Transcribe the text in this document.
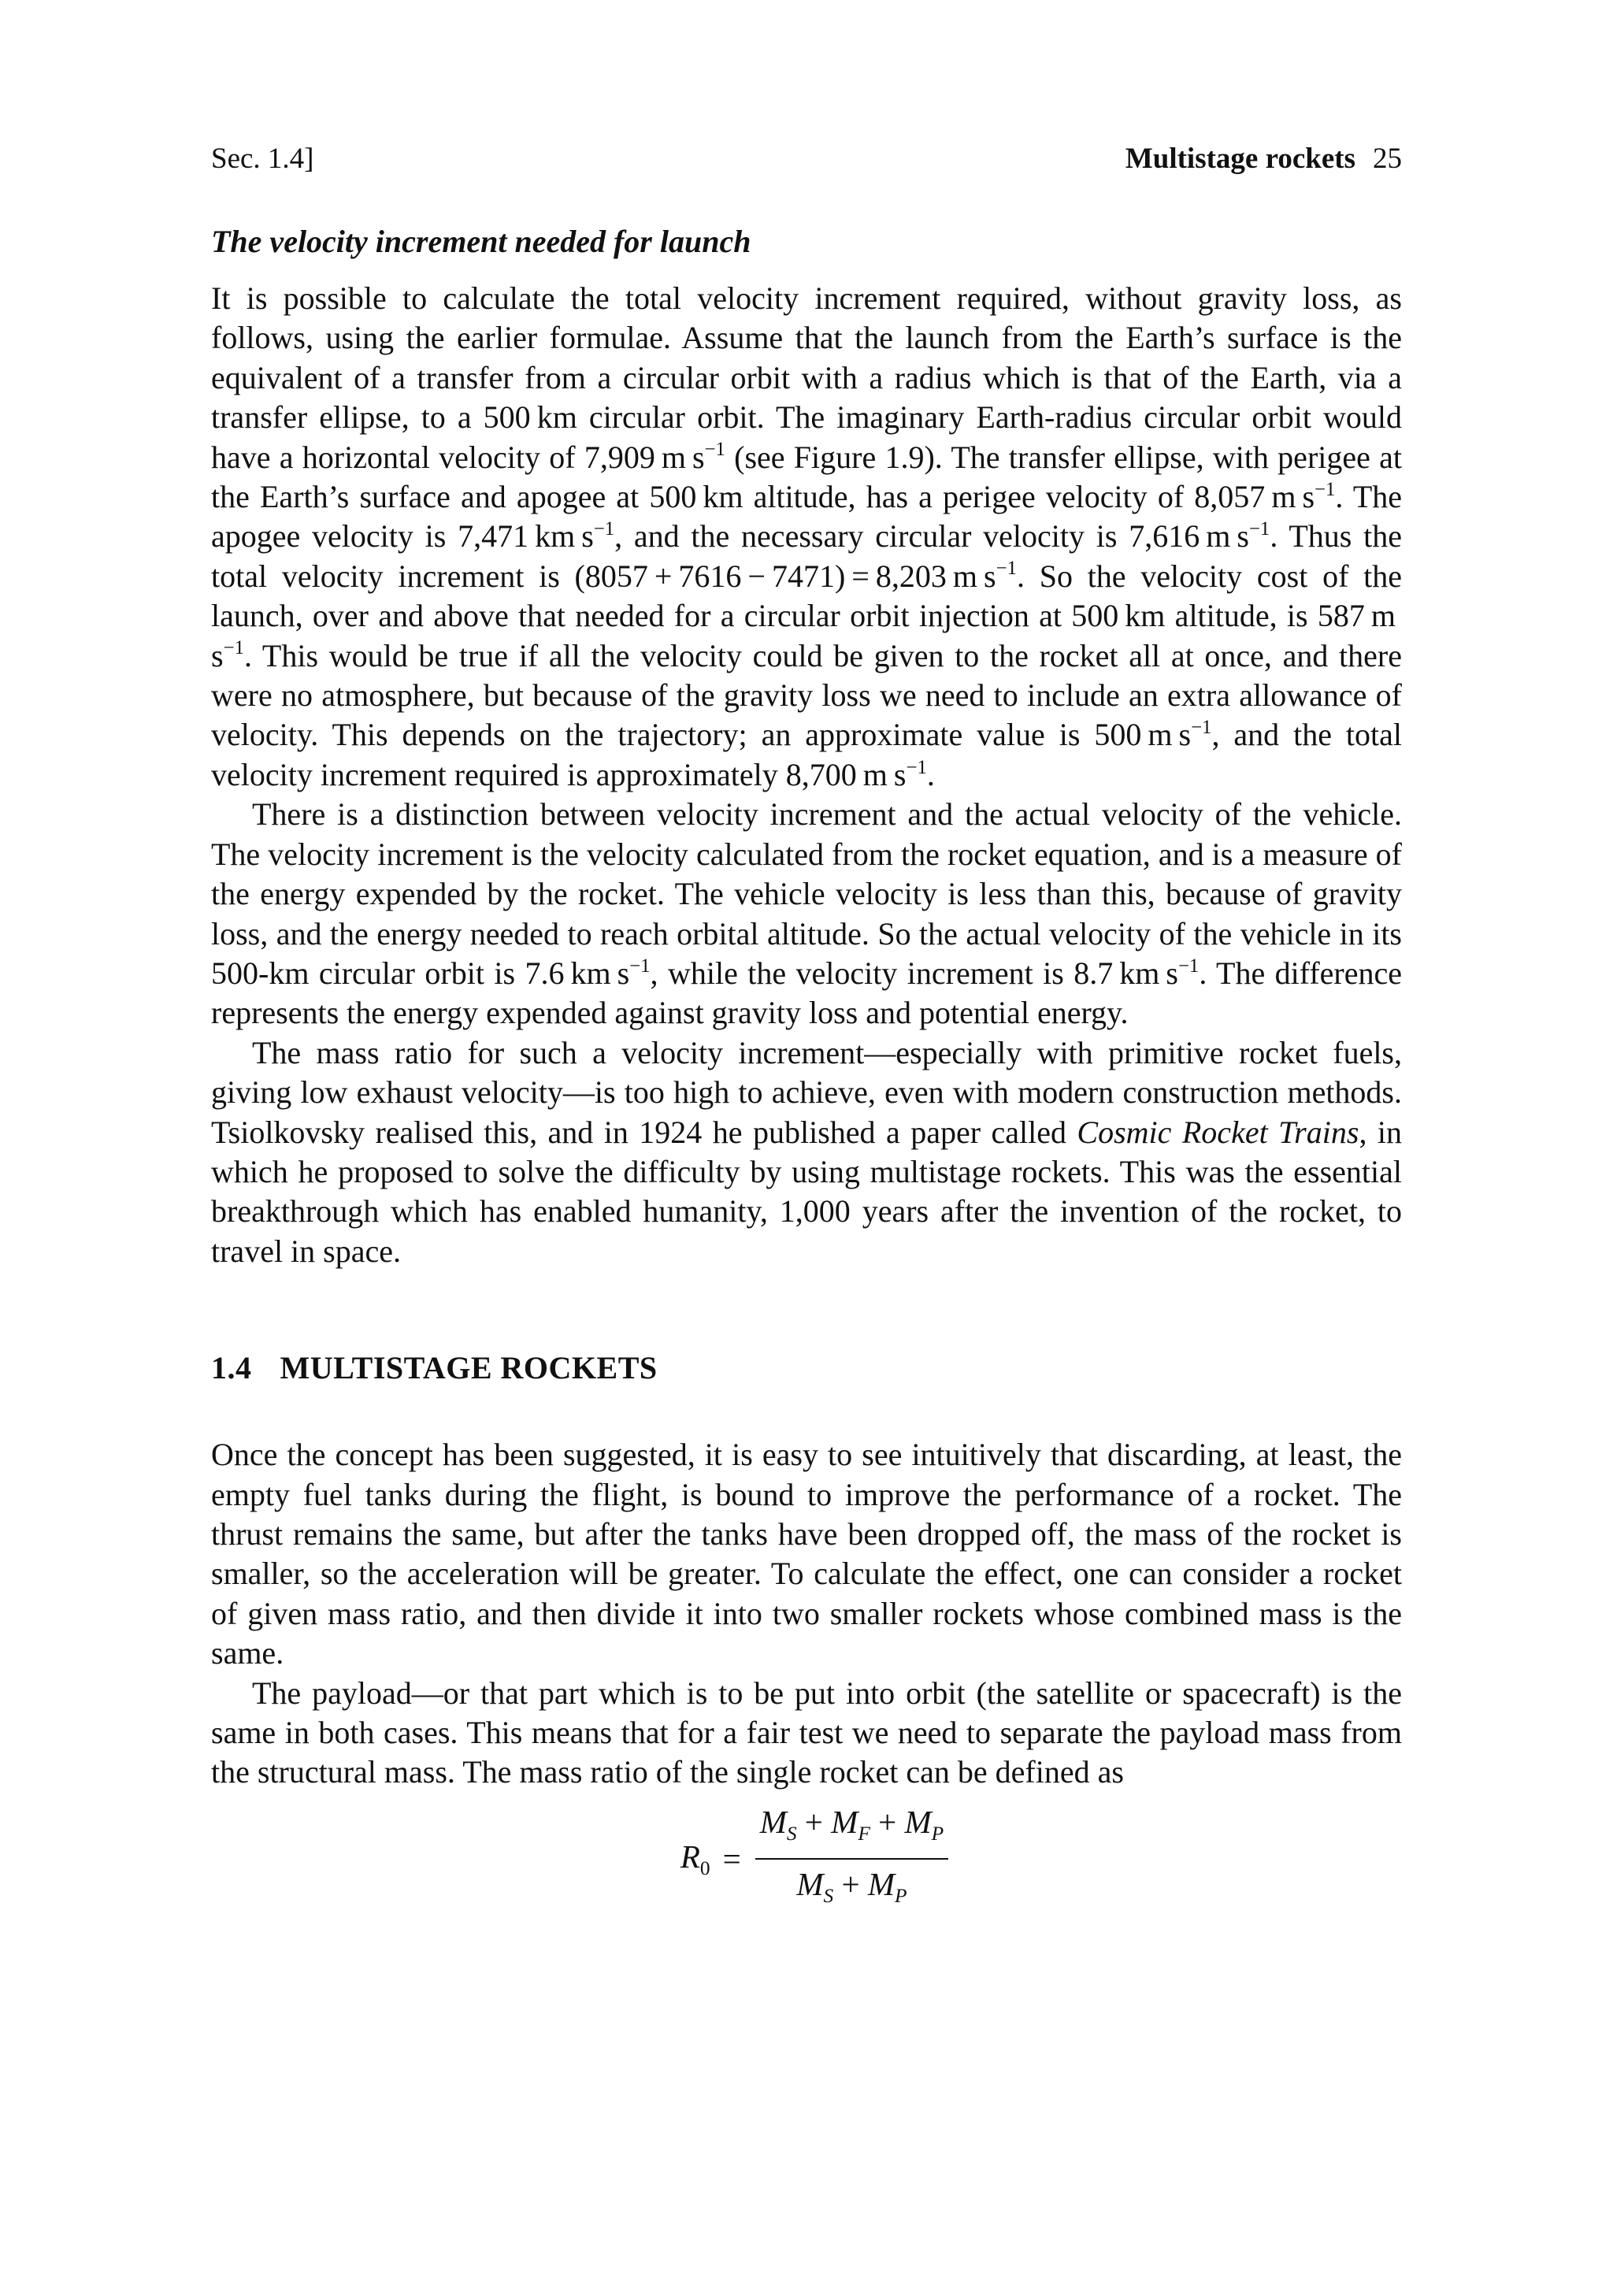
Sec. 1.4]	Multistage rockets 25
The velocity increment needed for launch

It is possible to calculate the total velocity increment required, without gravity loss, as follows, using the earlier formulae. Assume that the launch from the Earth’s surface is the equivalent of a transfer from a circular orbit with a radius which is that of the Earth, via a transfer ellipse, to a 500 km circular orbit. The imaginary Earth-radius circular orbit would have a horizontal velocity of 7,909 m $s^{-1}$ (see Figure 1.9). The transfer ellipse, with perigee at the Earth’s surface and apogee at 500 km altitude, has a perigee velocity of 8,057 m $s^{-1}$. The apogee velocity is 7,471 km $s^{-1}$, and the necessary circular velocity is 7,616 m $s^{-1}$. Thus the total velocity increment is (8057 + 7616 − 7471) = 8,203 m $s^{-1}$. So the velocity cost of the launch, over and above that needed for a circular orbit injection at 500 km altitude, is 587 m $s^{-1}$. This would be true if all the velocity could be given to the rocket all at once, and there were no atmosphere, but because of the gravity loss we need to include an extra allowance of velocity. This depends on the trajectory; an approximate value is 500 m $s^{-1}$, and the total velocity increment required is approximately 8,700 m $s^{-1}$.

There is a distinction between velocity increment and the actual velocity of the vehicle. The velocity increment is the velocity calculated from the rocket equation, and is a measure of the energy expended by the rocket. The vehicle velocity is less than this, because of gravity loss, and the energy needed to reach orbital altitude. So the actual velocity of the vehicle in its 500-km circular orbit is 7.6 km $s^{-1}$, while the velocity increment is 8.7 km $s^{-1}$. The difference represents the energy expended against gravity loss and potential energy.

The mass ratio for such a velocity increment—especially with primitive rocket fuels, giving low exhaust velocity—is too high to achieve, even with modern construction methods. Tsiolkovsky realised this, and in 1924 he published a paper called Cosmic Rocket Trains, in which he proposed to solve the difficulty by using multistage rockets. This was the essential breakthrough which has enabled humanity, 1,000 years after the invention of the rocket, to travel in space.

1.4 MULTISTAGE ROCKETS

Once the concept has been suggested, it is easy to see intuitively that discarding, at least, the empty fuel tanks during the flight, is bound to improve the performance of a rocket. The thrust remains the same, but after the tanks have been dropped off, the mass of the rocket is smaller, so the acceleration will be greater. To calculate the effect, one can consider a rocket of given mass ratio, and then divide it into two smaller rockets whose combined mass is the same.

The payload—or that part which is to be put into orbit (the satellite or spacecraft) is the same in both cases. This means that for a fair test we need to separate the payload mass from the structural mass. The mass ratio of the single rocket can be defined as

$R_0 = \frac{M_S + M_F + M_P}{M_S + M_P}$
